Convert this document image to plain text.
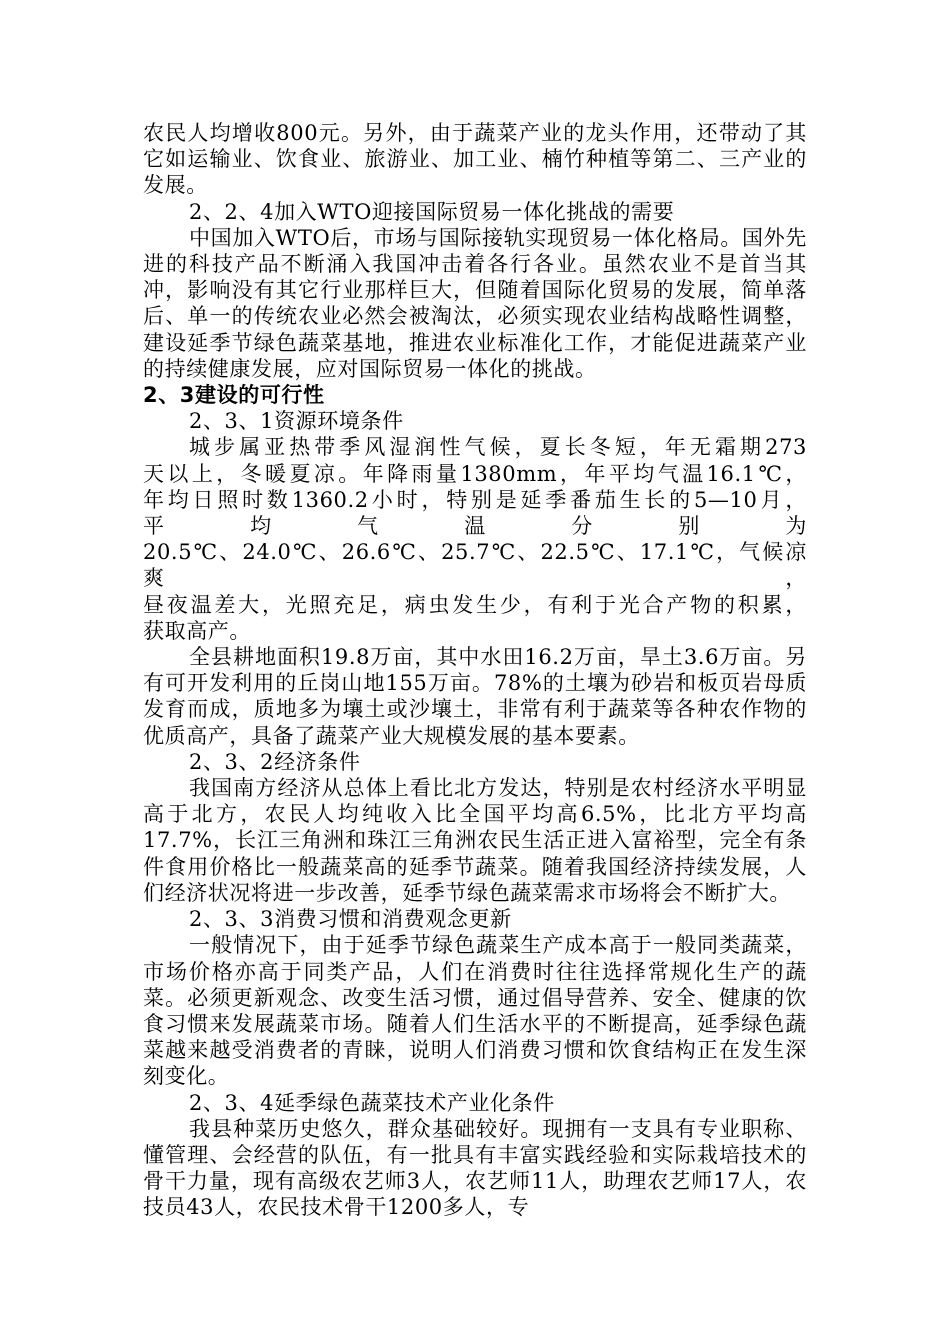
农民人均增收800元。另外，由于蔬菜产业的龙头作用，还带动了其它如运输业、饮食业、旅游业、加工业、楠竹种植等第二、三产业的发展。

2、2、4加入WTO迎接国际贸易一体化挑战的需要

中国加入WTO后，市场与国际接轨实现贸易一体化格局。国外先进的科技产品不断涌入我国冲击着各行各业。虽然农业不是首当其冲，影响没有其它行业那样巨大，但随着国际化贸易的发展，简单落后、单一的传统农业必然会被淘汰，必须实现农业结构战略性调整，建设延季节绿色蔬菜基地，推进农业标准化工作，才能促进蔬菜产业的持续健康发展，应对国际贸易一体化的挑战。

2、3建设的可行性

2、3、1资源环境条件

城步属亚热带季风湿润性气候，夏长冬短，年无霜期273
天以上，冬暖夏凉。年降雨量1380mm，年平均气温16.1℃，
年均日照时数1360.2小时，特别是延季番茄生长的5—10月，
平　　均　　气　　温　　分　　别　　为
20.5℃、24.0℃、26.6℃、25.7℃、22.5℃、17.1℃，气候凉爽，
昼夜温差大，光照充足，病虫发生少，有利于光合产物的积累，
获取高产。

全县耕地面积19.8万亩，其中水田16.2万亩，旱土3.6万亩。另有可开发利用的丘岗山地155万亩。78%的土壤为砂岩和板页岩母质发育而成，质地多为壤土或沙壤土，非常有利于蔬菜等各种农作物的优质高产，具备了蔬菜产业大规模发展的基本要素。

2、3、2经济条件

我国南方经济从总体上看比北方发达，特别是农村经济水平明显高于北方，农民人均纯收入比全国平均高6.5%，比北方平均高17.7%，长江三角洲和珠江三角洲农民生活正进入富裕型，完全有条件食用价格比一般蔬菜高的延季节蔬菜。随着我国经济持续发展，人们经济状况将进一步改善，延季节绿色蔬菜需求市场将会不断扩大。

2、3、3消费习惯和消费观念更新

一般情况下，由于延季节绿色蔬菜生产成本高于一般同类蔬菜，市场价格亦高于同类产品，人们在消费时往往选择常规化生产的蔬菜。必须更新观念、改变生活习惯，通过倡导营养、安全、健康的饮食习惯来发展蔬菜市场。随着人们生活水平的不断提高，延季绿色蔬菜越来越受消费者的青睐，说明人们消费习惯和饮食结构正在发生深刻变化。

2、3、4延季绿色蔬菜技术产业化条件

我县种菜历史悠久，群众基础较好。现拥有一支具有专业职称、懂管理、会经营的队伍，有一批具有丰富实践经验和实际栽培技术的骨干力量，现有高级农艺师3人，农艺师11人，助理农艺师17人，农技员43人，农民技术骨干1200多人，专
